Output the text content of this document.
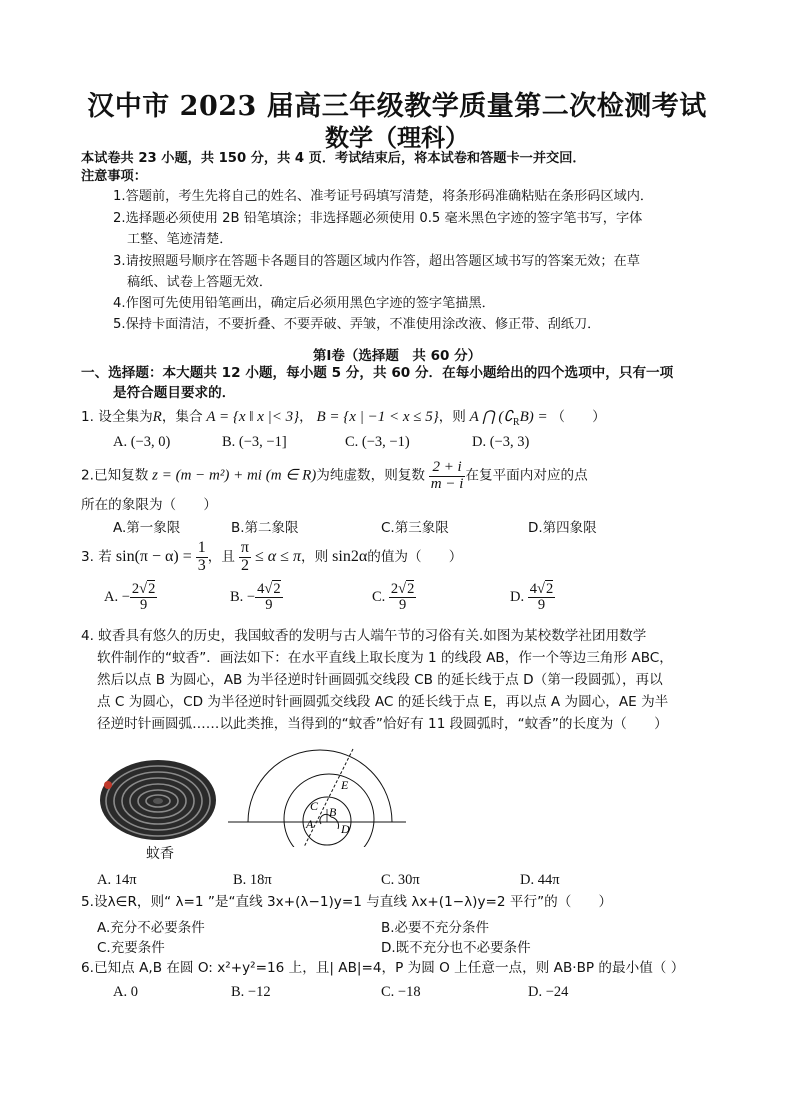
汉中市 2023 届高三年级教学质量第二次检测考试
数学（理科）
本试卷共 23 小题，共 150 分，共 4 页．考试结束后，将本试卷和答题卡一并交回．
注意事项：
1.答题前，考生先将自己的姓名、准考证号码填写清楚，将条形码准确粘贴在条形码区域内．
2.选择题必须使用 2B 铅笔填涂；非选择题必须使用 0.5 毫米黑色字迹的签字笔书写，字体
工整、笔迹清楚．
3.请按照题号顺序在答题卡各题目的答题区域内作答，超出答题区域书写的答案无效；在草
稿纸、试卷上答题无效．
4.作图可先使用铅笔画出，确定后必须用黑色字迹的签字笔描黑．
5.保持卡面清洁，不要折叠、不要弄破、弄皱，不准使用涂改液、修正带、刮纸刀．
第Ⅰ卷（选择题　共 60 分）
一、选择题：本大题共 12 小题，每小题 5 分，共 60 分．在每小题给出的四个选项中，只有一项
是符合题目要求的．
1. 设全集为R，集合 A = {x ‖ x |< 3}， B = {x | −1 < x ≤ 5}，则 A ⋂ $(∁_RB)$ = （　　）
A. (−3, 0)	B. (−3, −1]	C. (−3, −1)	D. (−3, 3)
2.已知复数 z = (m − m²) + mi (m ∈ R)为纯虚数，则复数 $\frac{2 + i}{m - i}$ 在复平面内对应的点
所在的象限为（　　）
A.第一象限	B.第二象限	C.第三象限	D.第四象限
3. 若 $\sin(\pi - \alpha) = \frac{1}{3}$ ，且 $\frac{\pi}{2} \le \alpha \le \pi$，则 sin2α的值为（　　）
A. − $\frac{2√2}{9}$	B. − $\frac{4√2}{9}$	C. $\frac{2√2}{9}$	D. $\frac{4√2}{9}$
4. 蚊香具有悠久的历史，我国蚊香的发明与古人端午节的习俗有关.如图为某校数学社团用数学
软件制作的“蚊香”．画法如下：在水平直线上取长度为 1 的线段 AB，作一个等边三角形 ABC，
然后以点 B 为圆心，AB 为半径逆时针画圆弧交线段 CB 的延长线于点 D（第一段圆弧），再以
点 C 为圆心，CD 为半径逆时针画圆弧交线段 AC 的延长线于点 E，再以点 A 为圆心，AE 为半
径逆时针画圆弧……以此类推，当得到的“蚊香”恰好有 11 段圆弧时，“蚊香”的长度为（　　）
蚊香
E
C B
A D
A. 14π	B. 18π	C. 30π	D. 44π
5.设λ∈R，则“ λ=1 ”是“直线 3x+(λ−1)y=1 与直线 λx+(1−λ)y=2 平行”的（　　）
A.充分不必要条件	B.必要不充分条件
C.充要条件	D.既不充分也不必要条件
6.已知点 A,B 在圆 O: x²+y²=16 上，且| AB|=4，P 为圆 O 上任意一点，则 AB·BP 的最小值（ ）
A. 0	B. −12	C. −18	D. −24
